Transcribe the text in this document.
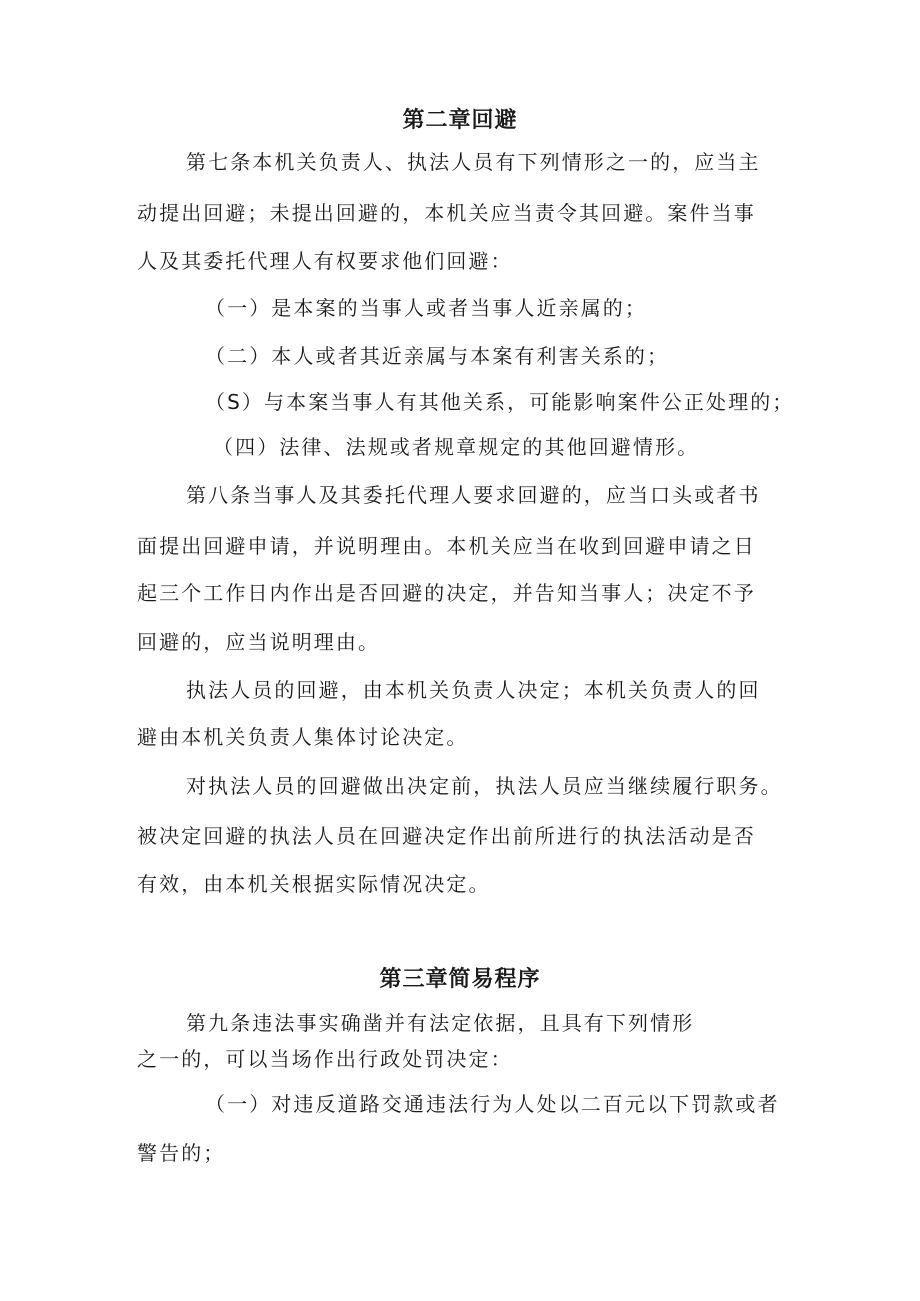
第二章回避
第七条本机关负责人、执法人员有下列情形之一的，应当主
动提出回避；未提出回避的，本机关应当责令其回避。案件当事
人及其委托代理人有权要求他们回避：
（一）是本案的当事人或者当事人近亲属的；
（二）本人或者其近亲属与本案有利害关系的；
（S）与本案当事人有其他关系，可能影响案件公正处理的；
（四）法律、法规或者规章规定的其他回避情形。
第八条当事人及其委托代理人要求回避的，应当口头或者书
面提出回避申请，并说明理由。本机关应当在收到回避申请之日
起三个工作日内作出是否回避的决定，并告知当事人；决定不予
回避的，应当说明理由。
执法人员的回避，由本机关负责人决定；本机关负责人的回
避由本机关负责人集体讨论决定。
对执法人员的回避做出决定前，执法人员应当继续履行职务。
被决定回避的执法人员在回避决定作出前所进行的执法活动是否
有效，由本机关根据实际情况决定。
第三章简易程序
第九条违法事实确凿并有法定依据，且具有下列情形
之一的，可以当场作出行政处罚决定：
（一）对违反道路交通违法行为人处以二百元以下罚款或者
警告的；
